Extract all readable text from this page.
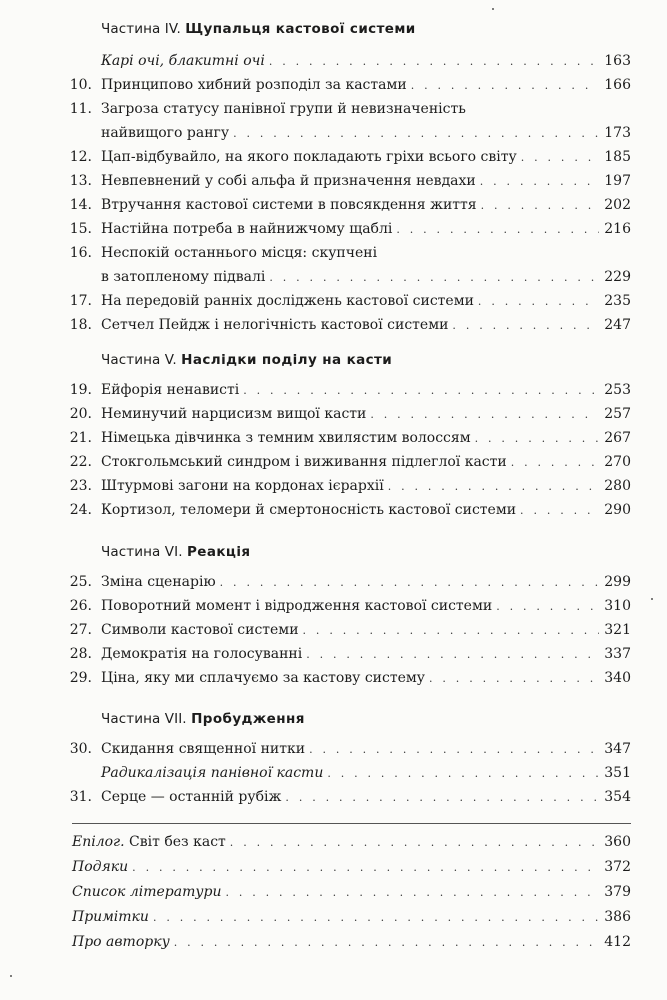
Частина IV. Щупальця кастової системи
Карі очі, блакитні очі . . .	163
10. Принципово хибний розподіл за кастами . . .	166
11. Загроза статусу панівної групи й невизначеність
найвищого рангу . . .	173
12. Цап-відбувайло, на якого покладають гріхи всього світу . . .	185
13. Невпевнений у собі альфа й призначення невдахи . . .	197
14. Втручання кастової системи в повсякдення життя . . .	202
15. Настійна потреба в найнижчому щаблі . . .	216
16. Неспокій останнього місця: скупчені
в затопленому підвалі . . .	229
17. На передовій ранніх досліджень кастової системи . . .	235
18. Сетчел Пейдж і нелогічність кастової системи . . .	247
Частина V. Наслідки поділу на касти
19. Ейфорія ненависті . . .	253
20. Неминучий нарцисизм вищої касти . . .	257
21. Німецька дівчинка з темним хвилястим волоссям . . .	267
22. Стокгольмський синдром і виживання підлеглої касти . . .	270
23. Штурмові загони на кордонах ієрархії . . .	280
24. Кортизол, теломери й смертоносність кастової системи . . .	290
Частина VI. Реакція
25. Зміна сценарію . . .	299
26. Поворотний момент і відродження кастової системи . . .	310
27. Символи кастової системи . . .	321
28. Демократія на голосуванні . . .	337
29. Ціна, яку ми сплачуємо за кастову систему . . .	340
Частина VII. Пробудження
30. Скидання священної нитки . . .	347
Радикалізація панівної касти . . .	351
31. Серце — останній рубіж . . .	354
Епілог. Світ без каст . . .	360
Подяки . . .	372
Список літератури . . .	379
Примітки . . .	386
Про авторку . . .	412
